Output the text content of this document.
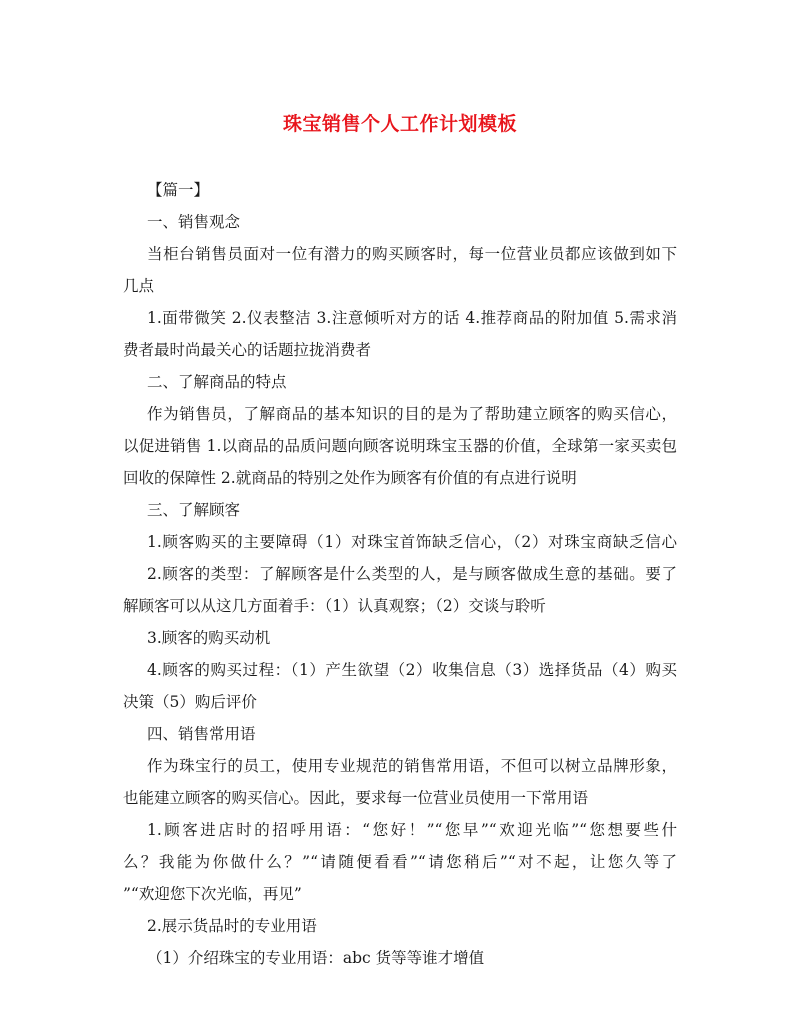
珠宝销售个人工作计划模板
【篇一】
一、销售观念
当柜台销售员面对一位有潜力的购买顾客时，每一位营业员都应该做到如下
几点
1.面带微笑 2.仪表整洁 3.注意倾听对方的话 4.推荐商品的附加值 5.需求消
费者最时尚最关心的话题拉拢消费者
二、了解商品的特点
作为销售员，了解商品的基本知识的目的是为了帮助建立顾客的购买信心，
以促进销售 1.以商品的品质问题向顾客说明珠宝玉器的价值，全球第一家买卖包
回收的保障性 2.就商品的特别之处作为顾客有价值的有点进行说明
三、了解顾客
1.顾客购买的主要障碍（1）对珠宝首饰缺乏信心，（2）对珠宝商缺乏信心
2.顾客的类型：了解顾客是什么类型的人，是与顾客做成生意的基础。要了
解顾客可以从这几方面着手：（1）认真观察；（2）交谈与聆听
3.顾客的购买动机
4.顾客的购买过程：（1）产生欲望（2）收集信息（3）选择货品（4）购买
决策（5）购后评价
四、销售常用语
作为珠宝行的员工，使用专业规范的销售常用语，不但可以树立品牌形象，
也能建立顾客的购买信心。因此，要求每一位营业员使用一下常用语
1.顾客进店时的招呼用语：“您好！”“您早”“欢迎光临”“您想要些什
么？我能为你做什么？”“请随便看看”“请您稍后”“对不起，让您久等了
”“欢迎您下次光临，再见”
2.展示货品时的专业用语
（1）介绍珠宝的专业用语：abc 货等等谁才增值
